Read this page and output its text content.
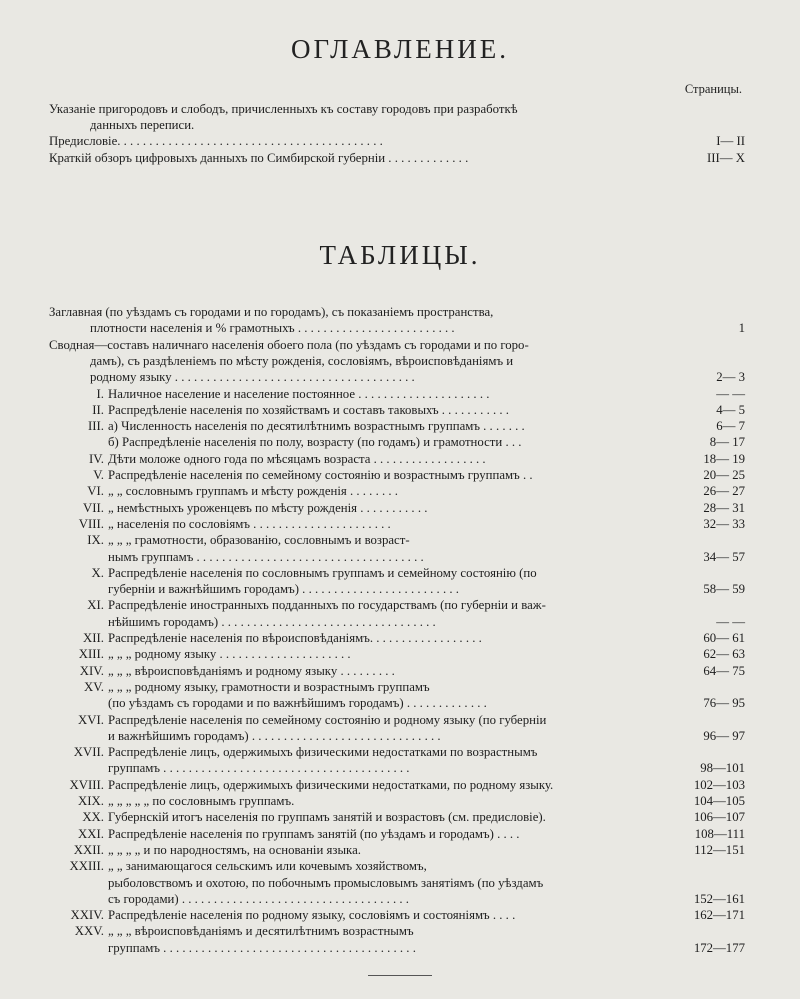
ОГЛАВЛЕНИЕ.
Страницы.
Указаніе пригородовъ и слободъ, причисленныхъ къ составу городовъ при разработкѣ
данныхъ переписи.
Предисловіе. . . . . . . . . . . . . . . . . . . . . . . . . . . . . . . . . . . . . . . . . .	I— II
Краткій обзоръ цифровыхъ данныхъ по Симбирской губерніи . . . . . . . . . . . . .	III— X
ТАБЛИЦЫ.
Заглавная (по уѣздамъ съ городами и по городамъ), съ показаніемъ пространства,
плотности населенія и % грамотныхъ . . . . . . . . . . . . . . . . . . . . . . . . .	1
Сводная—составъ наличнаго населенія обоего пола (по уѣздамъ съ городами и по горо-
дамъ), съ раздѣленіемъ по мѣсту рожденія, сословіямъ, вѣроисповѣданіямъ и
родному языку . . . . . . . . . . . . . . . . . . . . . . . . . . . . . . . . . . . . . .	2— 3
I. Наличное население и население постоянное . . . . . . . . . . . . . . . . . . . . .	— —
II. Распредѣленіе населенія по хозяйствамъ и составъ таковыхъ . . . . . . . . . . .	4— 5
III. а) Численность населенія по десятилѣтнимъ возрастнымъ группамъ . . . . . . .	6— 7
б) Распредѣленіе населенія по полу, возрасту (по годамъ) и грамотности . . .	8— 17
IV. Дѣти моложе одного года по мѣсяцамъ возраста . . . . . . . . . . . . . . . . . .	18— 19
V. Распредѣленіе населенія по семейному состоянію и возрастнымъ группамъ . .	20— 25
VI. „ „ сословнымъ группамъ и мѣсту рожденія . . . . . . . .	26— 27
VII. „ нeмѣстныхъ уроженцевъ по мѣсту рожденія . . . . . . . . . . .	28— 31
VIII. „ населенія по сословіямъ . . . . . . . . . . . . . . . . . . . . . .	32— 33
IX. „ „ „ грамотности, образованію, сословнымъ и возраст-
нымъ группамъ . . . . . . . . . . . . . . . . . . . . . . . . . . . . . . . . . . . .	34— 57
X. Распредѣленіе населенія по сословнымъ группамъ и семейному состоянію (по
губерніи и важнѣйшимъ городамъ) . . . . . . . . . . . . . . . . . . . . . . . . .	58— 59
XI. Распредѣленіе иностранныхъ подданныхъ по государствамъ (по губерніи и важ-
нѣйшимъ городамъ) . . . . . . . . . . . . . . . . . . . . . . . . . . . . . . . . . .	— —
XII. Распредѣленіе населенія по вѣроисповѣданіямъ. . . . . . . . . . . . . . . . . .	60— 61
XIII. „ „ „ родному языку . . . . . . . . . . . . . . . . . . . . .	62— 63
XIV. „ „ „ вѣроисповѣданіямъ и родному языку . . . . . . . . .	64— 75
XV. „ „ „ родному языку, грамотности и возрастнымъ группамъ
(по уѣздамъ съ городами и по важнѣйшимъ городамъ) . . . . . . . . . . . . .	76— 95
XVI. Распредѣленіе населенія по семейному состоянію и родному языку (по губерніи
и важнѣйшимъ городамъ) . . . . . . . . . . . . . . . . . . . . . . . . . . . . . .	96— 97
XVII. Распредѣленіе лицъ, одержимыхъ физическими недостатками по возрастнымъ
группамъ . . . . . . . . . . . . . . . . . . . . . . . . . . . . . . . . . . . . . . .	98—101
XVIII. Распредѣленіе лицъ, одержимыхъ физическими недостатками, по родному языку.	102—103
XIX. „ „ „ „ „ по сословнымъ группамъ.	104—105
XX. Губернскій итогъ населенія по группамъ занятій и возрастовъ (см. предисловіе).	106—107
XXI. Распредѣленіе населенія по группамъ занятій (по уѣздамъ и городамъ) . . . .	108—111
XXII. „ „ „ „ и по народностямъ, на основаніи языка.	112—151
XXIII. „ „ занимающагося сельскимъ или кочевымъ хозяйствомъ,
рыболовствомъ и охотою, по побочнымъ промысловымъ занятіямъ (по уѣздамъ
съ городами) . . . . . . . . . . . . . . . . . . . . . . . . . . . . . . . . . . . .	152—161
XXIV. Распредѣленіе населенія по родному языку, сословіямъ и состояніямъ . . . .	162—171
XXV. „ „ „ вѣроисповѣданіямъ и десятилѣтнимъ возрастнымъ
группамъ . . . . . . . . . . . . . . . . . . . . . . . . . . . . . . . . . . . . . . . .	172—177
